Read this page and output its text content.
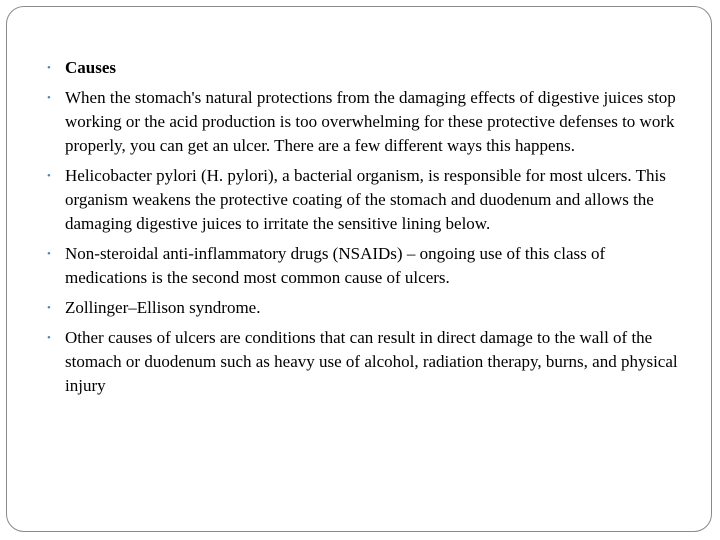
• Causes
• When the stomach's natural protections from the damaging effects of digestive juices stop working or the acid production is too overwhelming for these protective defenses to work properly, you can get an ulcer. There are a few different ways this happens.
• Helicobacter pylori (H. pylori), a bacterial organism, is responsible for most ulcers. This organism weakens the protective coating of the stomach and duodenum and allows the damaging digestive juices to irritate the sensitive lining below.
• Non-steroidal anti-inflammatory drugs (NSAIDs) – ongoing use of this class of medications is the second most common cause of ulcers.
• Zollinger–Ellison syndrome.
• Other causes of ulcers are conditions that can result in direct damage to the wall of the stomach or duodenum such as heavy use of alcohol, radiation therapy, burns, and physical injury
